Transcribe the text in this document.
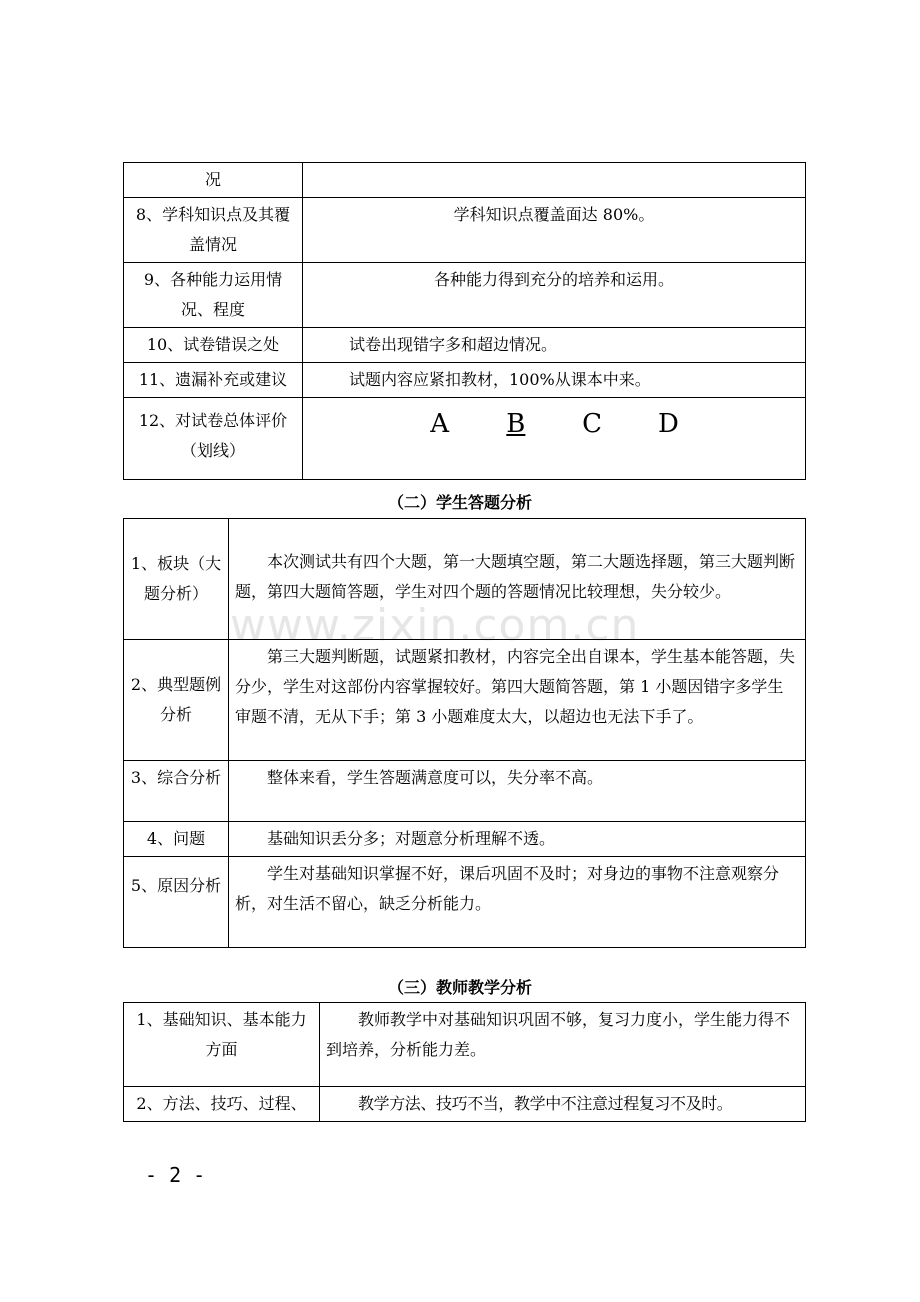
www.zixin.com.cn
况	
8、学科知识点及其覆盖情况	学科知识点覆盖面达 80%。
9、各种能力运用情况、程度	各种能力得到充分的培养和运用。
10、试卷错误之处	试卷出现错字多和超边情况。
11、遗漏补充或建议	试题内容应紧扣教材，100%从课本中来。
12、对试卷总体评价（划线）	A B C D
（二）学生答题分析
1、板块（大题分析）	本次测试共有四个大题，第一大题填空题，第二大题选择题，第三大题判断题，第四大题简答题，学生对四个题的答题情况比较理想，失分较少。
2、典型题例分析	第三大题判断题，试题紧扣教材，内容完全出自课本，学生基本能答题，失分少，学生对这部份内容掌握较好。第四大题简答题，第 1 小题因错字多学生审题不清，无从下手；第 3 小题难度太大，以超边也无法下手了。
3、综合分析	整体来看，学生答题满意度可以，失分率不高。
4、问题	基础知识丢分多；对题意分析理解不透。
5、原因分析	学生对基础知识掌握不好，课后巩固不及时；对身边的事物不注意观察分析，对生活不留心，缺乏分析能力。
（三）教师教学分析
1、基础知识、基本能力方面	教师教学中对基础知识巩固不够，复习力度小，学生能力得不到培养，分析能力差。
2、方法、技巧、过程、	教学方法、技巧不当，教学中不注意过程复习不及时。
- 2 -
